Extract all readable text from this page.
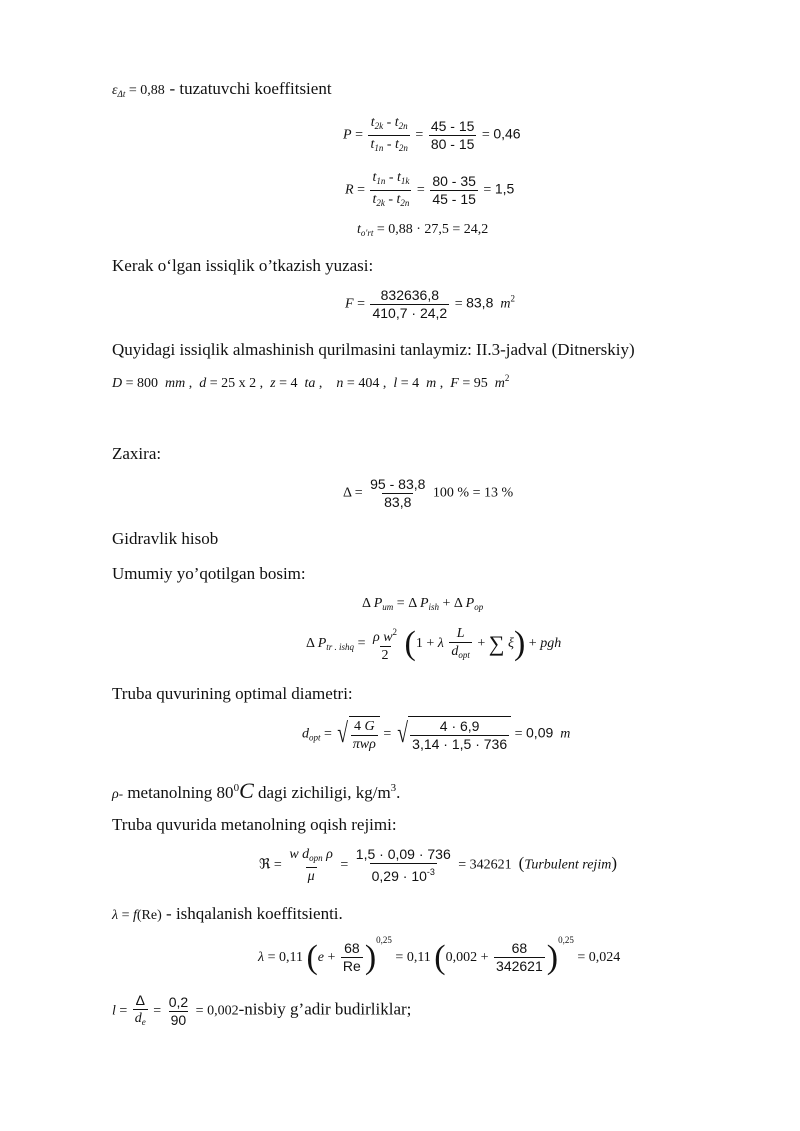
$\varepsilon_{\Delta t} = 0,88$ - tuzatuvchi koeffitsient
$P = \frac{t_{2k} - t_{2n}}{t_{1n} - t_{2n}} = \frac{45 - 15}{80 - 15} = 0,46$
$R = \frac{t_{1n} - t_{1k}}{t_{2k} - t_{2n}} = \frac{80 - 35}{45 - 15} = 1,5$
$t_{o'rt} = 0,88 \cdot 27,5 = 24,2$
Kerak o‘lgan issiqlik o’tkazish yuzasi:
$F = \frac{832636,8}{410,7 \cdot 24,2} = 83,8$ $m^2$
Quyidagi issiqlik almashinish qurilmasini tanlaymiz: II.3-jadval (Ditnerskiy)
D = 800 mm ,  d = 25 x 2 ,  z = 4 ta ,    n = 404 ,  l = 4 m ,  F = 95 $m^2$
Zaxira:
$\Delta = \frac{95 - 83,8}{83,8} 100$ % = 13 %
Gidravlik hisob
Umumiy yo’qotilgan bosim:
Δ $P_{um} = \Delta$ $P_{ish} + \Delta$ $P_{op}$
Δ $P_{tr . ishq} = \frac{\rho w^2}{2} (1 + \lambda \frac{L}{d_{opt}}$ + ∑ ξ) + pgh
Truba quvurining optimal diametri:
$d_{opt}$ = √ $\frac{4 G}{\text{πwρ}}$ = √ $\frac{4 \cdot 6,9}{3,14 \cdot 1,5 \cdot 736} = 0,09$ m
ρ- metanolning $80^0C$ dagi zichiligi, $kg/m^3$.
Truba quvurida metanolning oqish rejimi:
ℜ = $\frac{w d_{opn} \rho}{\mu} = \frac{1,5 \cdot 0,09 \cdot 736}{0,29 \cdot 10^{-3}} = 342621$ (Turbulent rejim)
λ = f(Re) - ishqalanish koeffitsienti.
λ = 0,11 $(e + \frac{68}{Re} )^{0,25} = 0,11$ $(0,002 + \frac{68}{342621} )^{0,25} = 0,024$
$l = \frac{\Delta}{d_e} = \frac{0,2}{90}$ = 0,002-nisbiy g’adir budirliklar;
